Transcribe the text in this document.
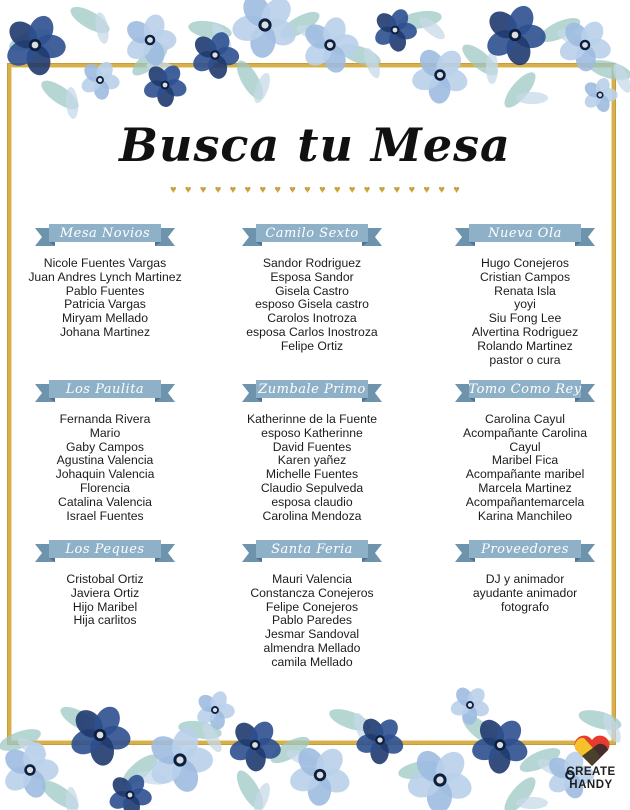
Busca tu Mesa
♥ ♥ ♥ ♥ ♥ ♥ ♥ ♥ ♥ ♥ ♥ ♥ ♥ ♥ ♥ ♥ ♥ ♥ ♥ ♥
Mesa Novios
Nicole Fuentes Vargas
Juan Andres Lynch Martinez
Pablo Fuentes
Patricia Vargas
Miryam Mellado
Johana Martinez
Camilo Sexto
Sandor Rodriguez
Esposa Sandor
Gisela Castro
esposo Gisela castro
Carolos Inotroza
esposa Carlos Inostroza
Felipe Ortiz
Nueva Ola
Hugo Conejeros
Cristian Campos
Renata Isla
yoyi
Siu Fong Lee
Alvertina Rodriguez
Rolando Martinez
pastor o cura
Los Paulita
Fernanda Rivera
Mario
Gaby Campos
Agustina Valencia
Johaquin Valencia
Florencia
Catalina Valencia
Israel Fuentes
Zumbale Primo
Katherinne de la Fuente
esposo Katherinne
David Fuentes
Karen yañez
Michelle Fuentes
Claudio Sepulveda
esposa claudio
Carolina Mendoza
Tomo Como Rey
Carolina Cayul
Acompañante Carolina
Cayul
Maribel Fica
Acompañante maribel
Marcela Martinez
Acompañantemarcela
Karina Manchileo
Los Peques
Cristobal Ortiz
Javiera Ortiz
Hijo Maribel
Hija carlitos
Santa Feria
Mauri Valencia
Constancza Conejeros
Felipe Conejeros
Pablo Paredes
Jesmar Sandoval
almendra Mellado
camila Mellado
Proveedores
DJ y animador
ayudante animador
fotografo
CREATE
HANDY
